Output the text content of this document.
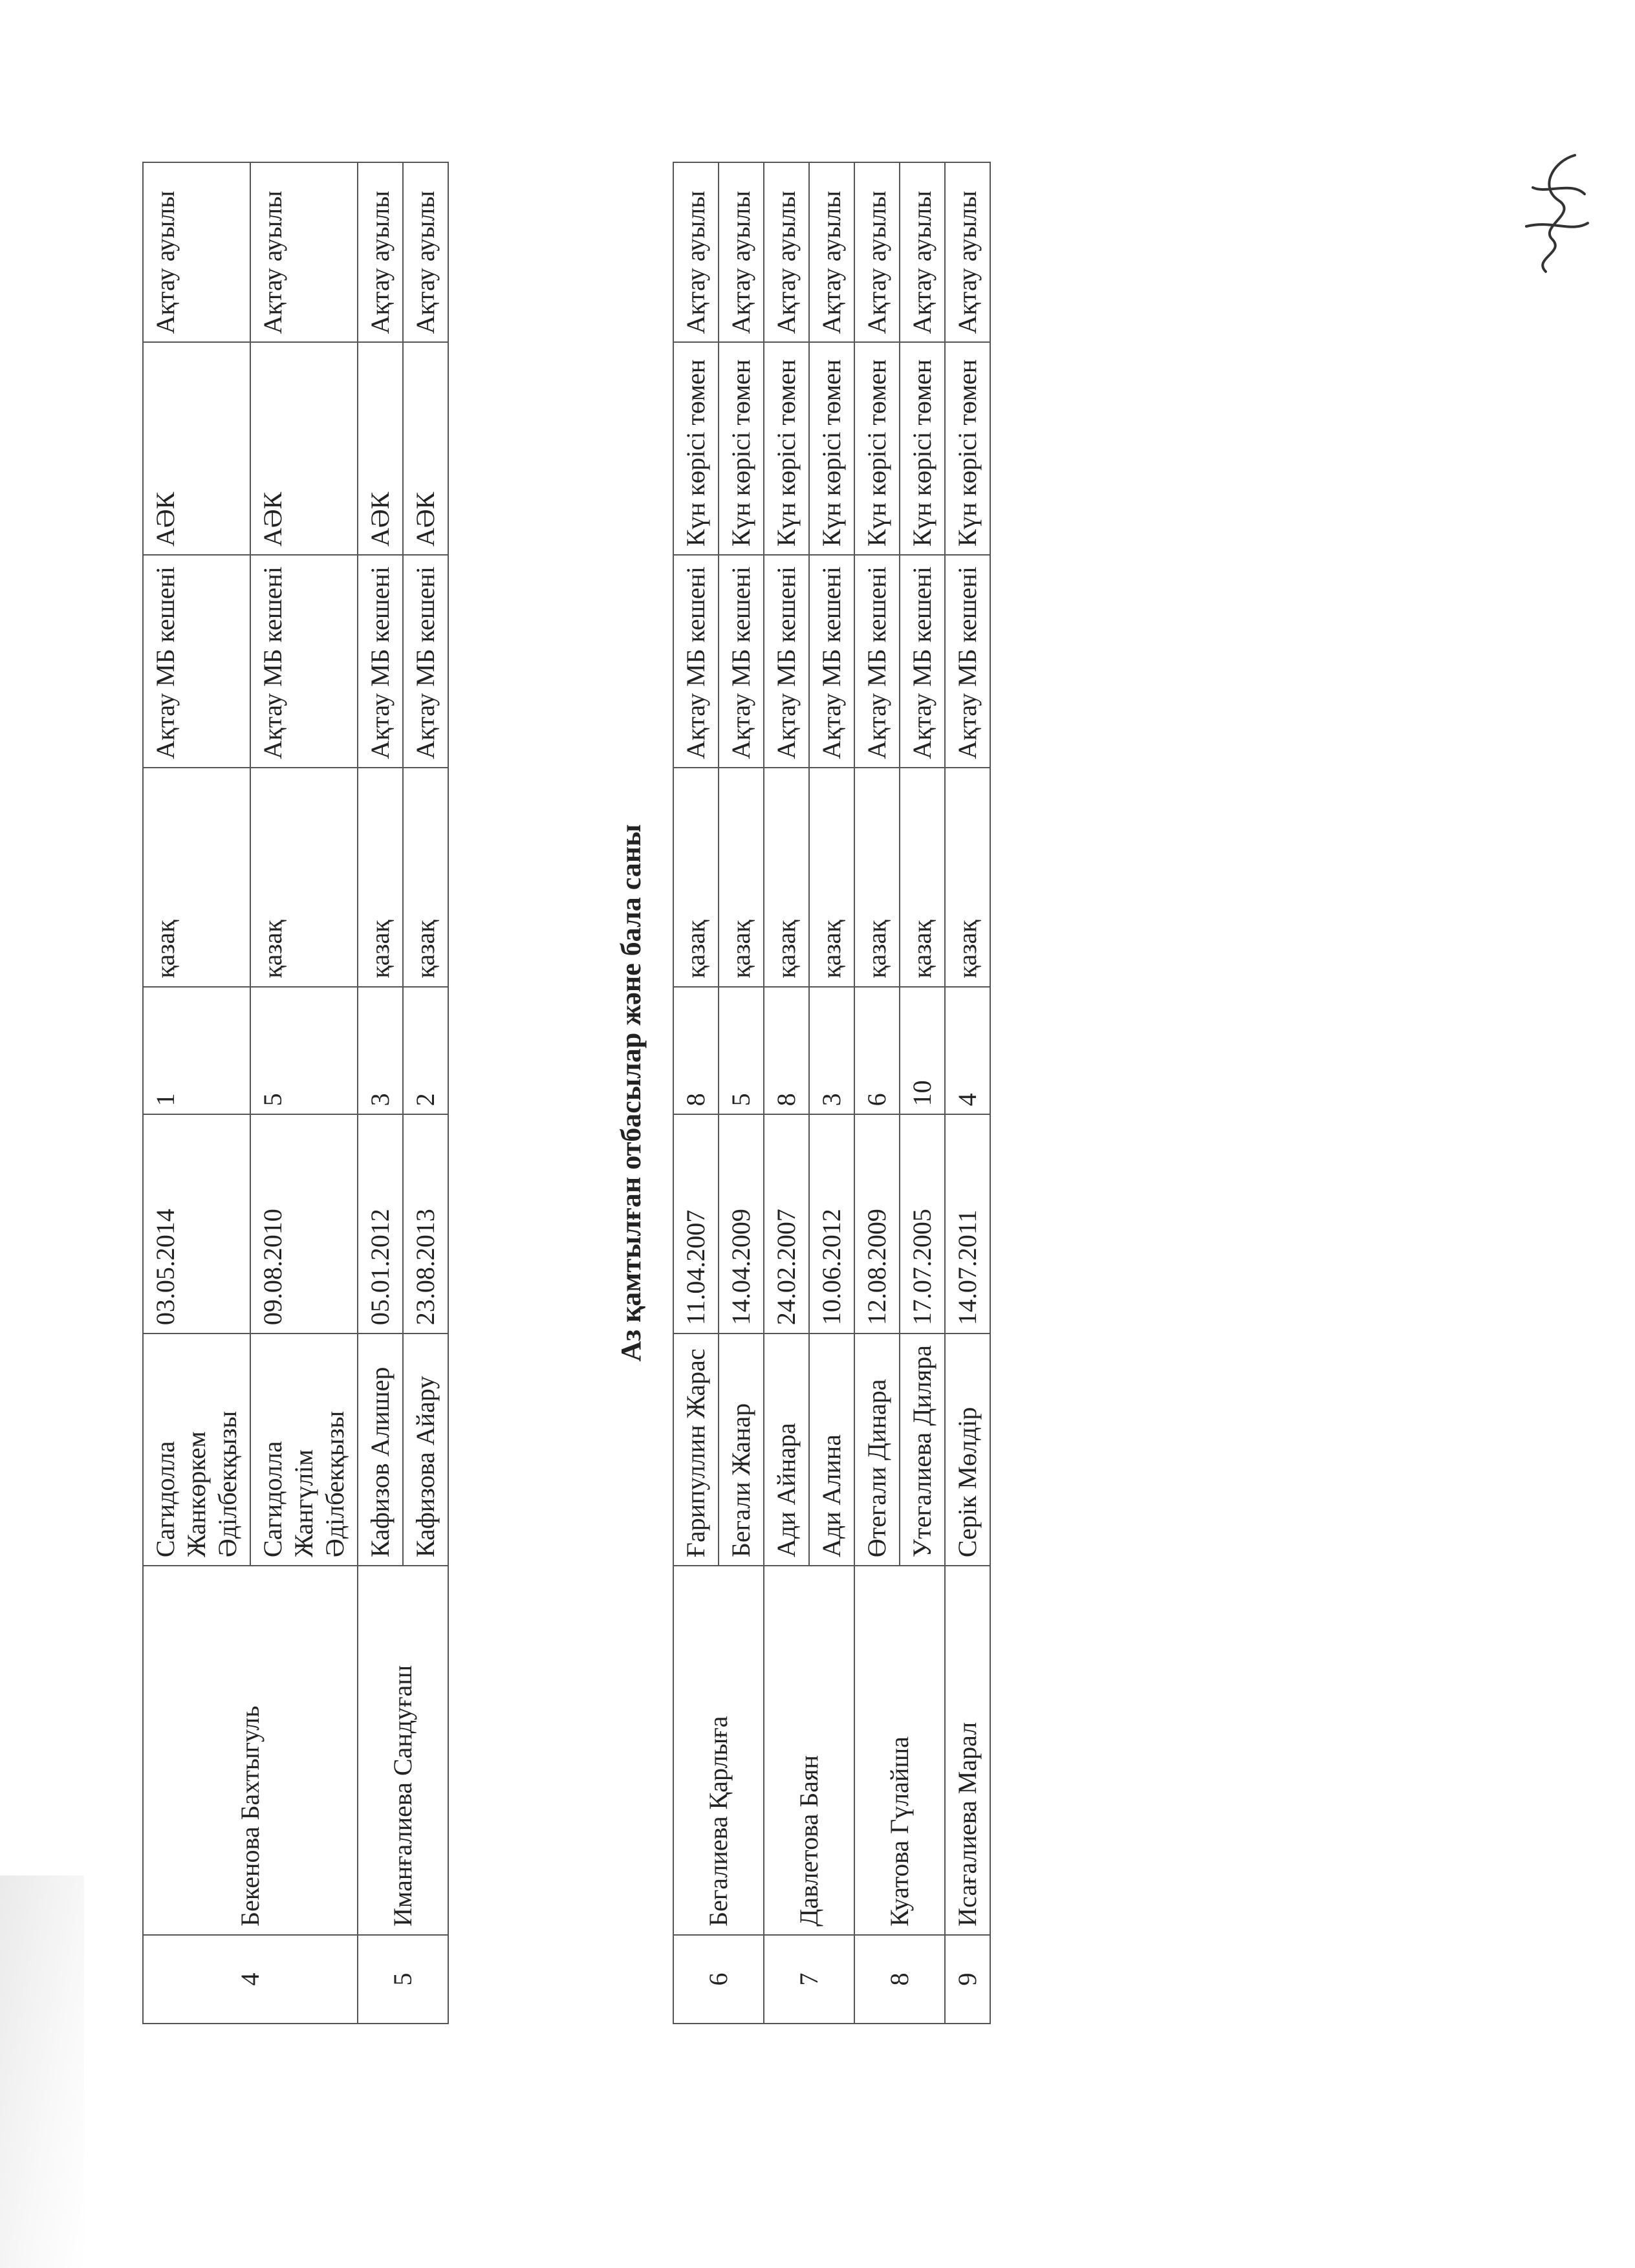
4	Бекенова Бахтыгуль	Сагидолла Жанкөркем Әділбекқызы	03.05.2014	1	қазақ	Ақтау МБ кешені	АӘК	Ақтау ауылы
		Сагидолла Жангүлім Әділбекқызы	09.08.2010	5	қазақ	Ақтау МБ кешені	АӘК	Ақтау ауылы
5	Иманғалиева Сандуғаш	Кафизов Алишер	05.01.2012	3	қазақ	Ақтау МБ кешені	АӘК	Ақтау ауылы
		Кафизова Айару	23.08.2013	2	қазақ	Ақтау МБ кешені	АӘК	Ақтау ауылы
Аз қамтылған отбасылар және бала саны
6	Бегалиева Қарлыға	Ғарипуллин Жарас	11.04.2007	8	қазақ	Ақтау МБ кешені	Күн көрісі төмен	Ақтау ауылы
		Бегали Жанар	14.04.2009	5	қазақ	Ақтау МБ кешені	Күн көрісі төмен	Ақтау ауылы
7	Давлетова Баян	Ади Айнара	24.02.2007	8	қазақ	Ақтау МБ кешені	Күн көрісі төмен	Ақтау ауылы
		Ади Алина	10.06.2012	3	қазақ	Ақтау МБ кешені	Күн көрісі төмен	Ақтау ауылы
8	Куатова Гүлайша	Өтегали Динара	12.08.2009	6	қазақ	Ақтау МБ кешені	Күн көрісі төмен	Ақтау ауылы
		Утегалиева Диляра	17.07.2005	10	қазақ	Ақтау МБ кешені	Күн көрісі төмен	Ақтау ауылы
9	Исағалиева Марал	Серік Мөлдір	14.07.2011	4	қазақ	Ақтау МБ кешені	Күн көрісі төмен	Ақтау ауылы
